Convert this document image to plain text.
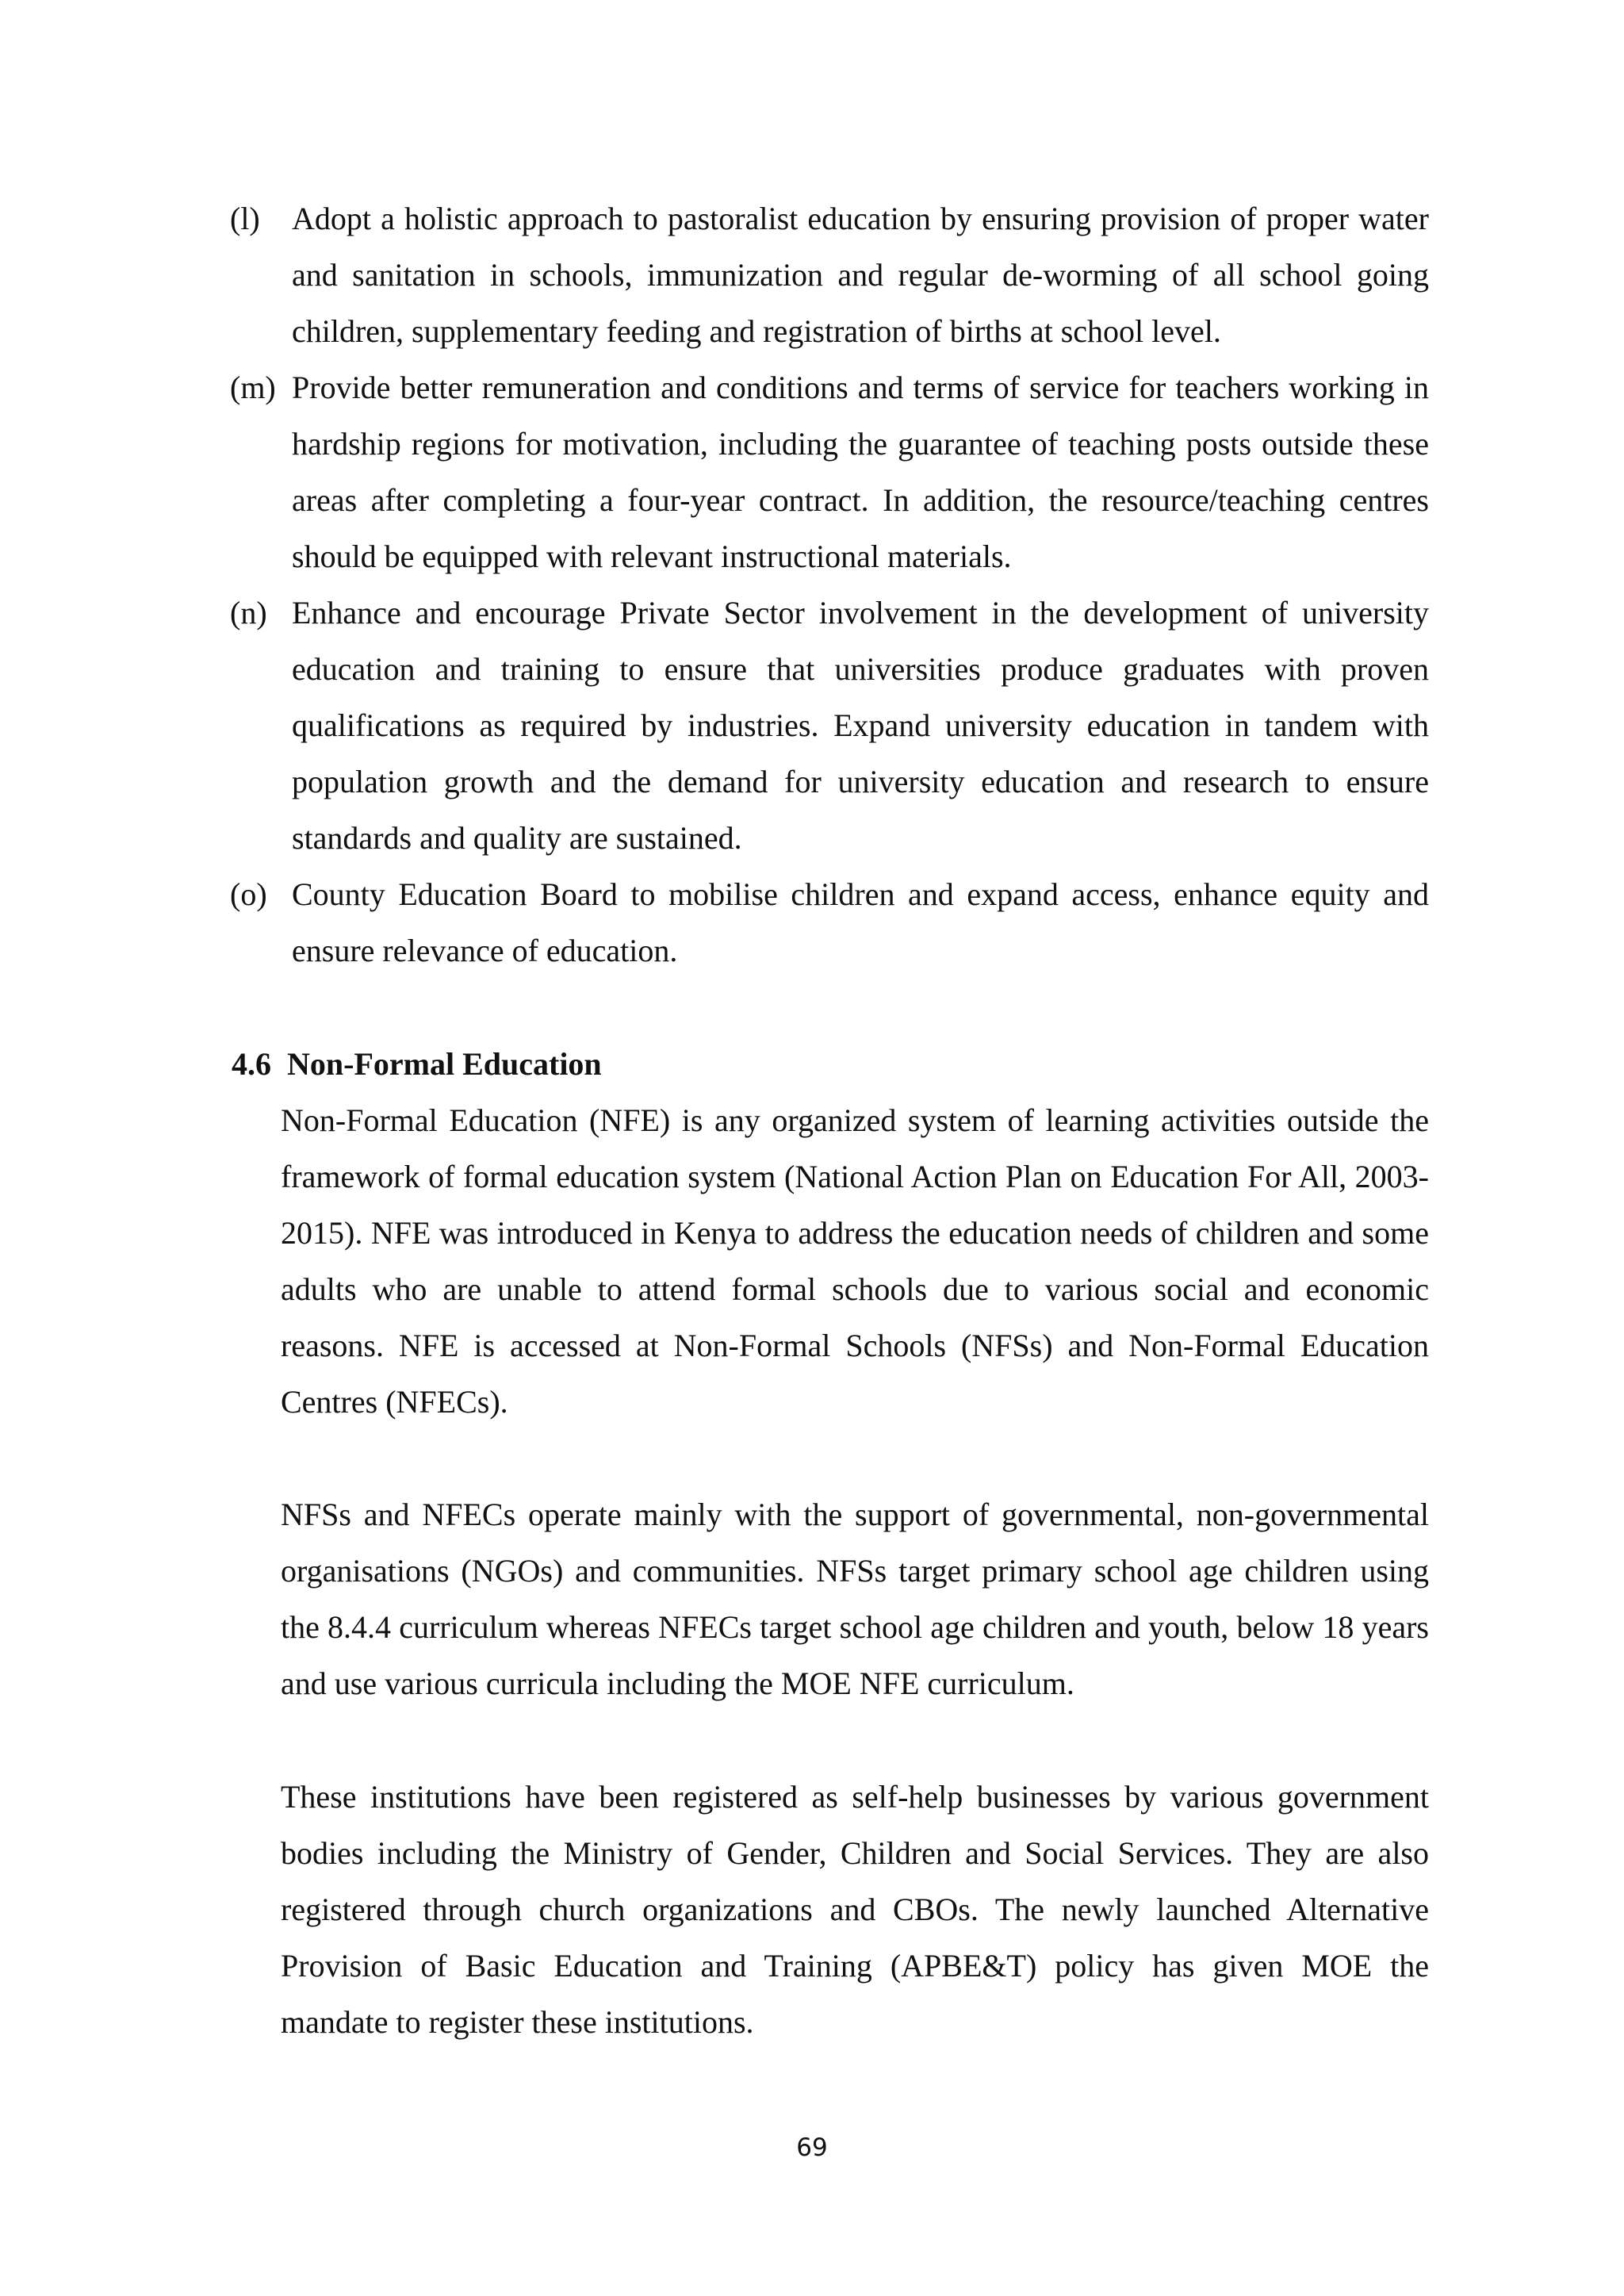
(l) Adopt a holistic approach to pastoralist education by ensuring provision of proper water and sanitation in schools, immunization and regular de-worming of all school going children, supplementary feeding and registration of births at school level.
(m) Provide better remuneration and conditions and terms of service for teachers working in hardship regions for motivation, including the guarantee of teaching posts outside these areas after completing a four-year contract. In addition, the resource/teaching centres should be equipped with relevant instructional materials.
(n) Enhance and encourage Private Sector involvement in the development of university education and training to ensure that universities produce graduates with proven qualifications as required by industries. Expand university education in tandem with population growth and the demand for university education and research to ensure standards and quality are sustained.
(o) County Education Board to mobilise children and expand access, enhance equity and ensure relevance of education.
4.6 Non-Formal Education

Non-Formal Education (NFE) is any organized system of learning activities outside the framework of formal education system (National Action Plan on Education For All, 2003-2015). NFE was introduced in Kenya to address the education needs of children and some adults who are unable to attend formal schools due to various social and economic reasons. NFE is accessed at Non-Formal Schools (NFSs) and Non-Formal Education Centres (NFECs).

NFSs and NFECs operate mainly with the support of governmental, non-governmental organisations (NGOs) and communities. NFSs target primary school age children using the 8.4.4 curriculum whereas NFECs target school age children and youth, below 18 years and use various curricula including the MOE NFE curriculum.

These institutions have been registered as self-help businesses by various government bodies including the Ministry of Gender, Children and Social Services. They are also registered through church organizations and CBOs. The newly launched Alternative Provision of Basic Education and Training (APBE&T) policy has given MOE the mandate to register these institutions.

69
